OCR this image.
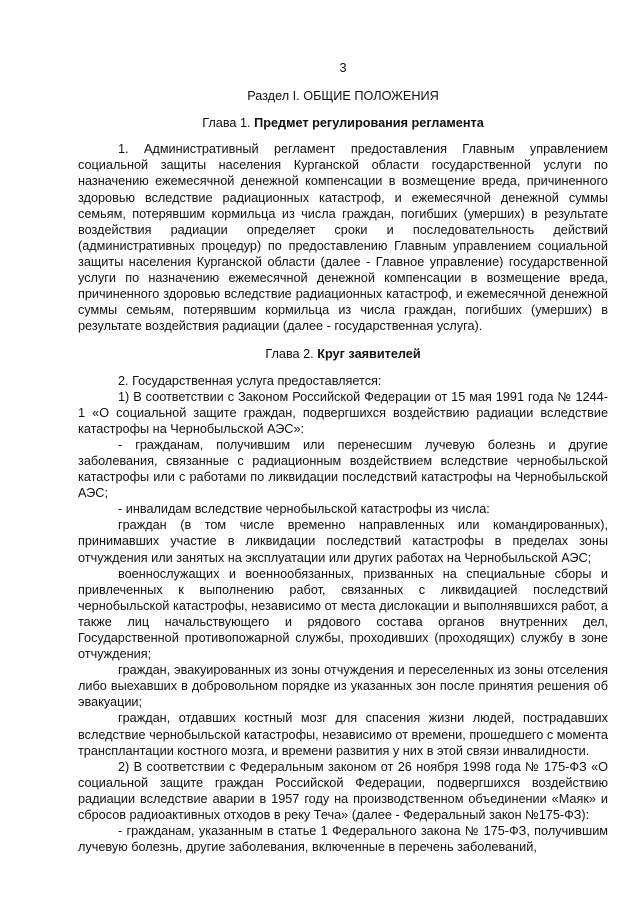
3
Раздел I. ОБЩИЕ ПОЛОЖЕНИЯ
Глава 1. Предмет регулирования регламента

1. Административный регламент предоставления Главным управлением социальной защиты населения Курганской области государственной услуги по назначению ежемесячной денежной компенсации в возмещение вреда, причиненного здоровью вследствие радиационных катастроф, и ежемесячной денежной суммы семьям, потерявшим кормильца из числа граждан, погибших (умерших) в результате воздействия радиации определяет сроки и последовательность действий (административных процедур) по предоставлению Главным управлением социальной защиты населения Курганской области (далее - Главное управление) государственной услуги по назначению ежемесячной денежной компенсации в возмещение вреда, причиненного здоровью вследствие радиационных катастроф, и ежемесячной денежной суммы семьям, потерявшим кормильца из числа граждан, погибших (умерших) в результате воздействия радиации (далее - государственная услуга).

Глава 2. Круг заявителей

2. Государственная услуга предоставляется:

1) В соответствии с Законом Российской Федерации от 15 мая 1991 года № 1244-1 «О социальной защите граждан, подвергшихся воздействию радиации вследствие катастрофы на Чернобыльской АЭС»:

- гражданам, получившим или перенесшим лучевую болезнь и другие заболевания, связанные с радиационным воздействием вследствие чернобыльской катастрофы или с работами по ликвидации последствий катастрофы на Чернобыльской АЭС;

- инвалидам вследствие чернобыльской катастрофы из числа:

граждан (в том числе временно направленных или командированных), принимавших участие в ликвидации последствий катастрофы в пределах зоны отчуждения или занятых на эксплуатации или других работах на Чернобыльской АЭС;

военнослужащих и военнообязанных, призванных на специальные сборы и привлеченных к выполнению работ, связанных с ликвидацией последствий чернобыльской катастрофы, независимо от места дислокации и выполнявшихся работ, а также лиц начальствующего и рядового состава органов внутренних дел, Государственной противопожарной службы, проходивших (проходящих) службу в зоне отчуждения;

граждан, эвакуированных из зоны отчуждения и переселенных из зоны отселения либо выехавших в добровольном порядке из указанных зон после принятия решения об эвакуации;

граждан, отдавших костный мозг для спасения жизни людей, пострадавших вследствие чернобыльской катастрофы, независимо от времени, прошедшего с момента трансплантации костного мозга, и времени развития у них в этой связи инвалидности.

2) В соответствии с Федеральным законом от 26 ноября 1998 года № 175-ФЗ «О социальной защите граждан Российской Федерации, подвергшихся воздействию радиации вследствие аварии в 1957 году на производственном объединении «Маяк» и сбросов радиоактивных отходов в реку Теча» (далее - Федеральный закон №175-ФЗ):

- гражданам, указанным в статье 1 Федерального закона № 175-ФЗ, получившим лучевую болезнь, другие заболевания, включенные в перечень заболеваний,
